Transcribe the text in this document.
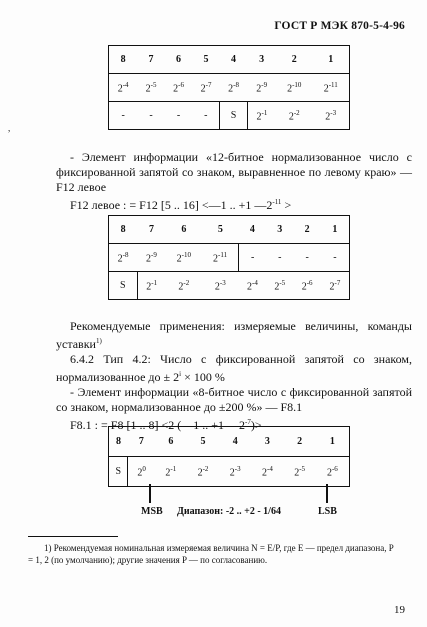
ГОСТ Р МЭК 870-5-4-96
,
8	7	6	5	4	3	2	1
$2^{-4}$	$2^{-5}$	$2^{-6}$	$2^{-7}$	$2^{-8}$	$2^{-9}$	$2^{-10}$	$2^{-11}$
-	-	-	-	S	$2^{-1}$	$2^{-2}$	$2^{-3}$
- Элемент информации «12-битное нормализованное число с фиксированной запятой со знаком, выравненное по левому краю» — F12 левое
F12 левое : = F12 [5 .. 16] <—1 .. +1 $—2^{-11}$ >
8	7	6	5	4	3	2	1
$2^{-8}$	$2^{-9}$	$2^{-10}$	$2^{-11}$	-	-	-	-
S	$2^{-1}$	$2^{-2}$	$2^{-3}$	$2^{-4}$	$2^{-5}$	$2^{-6}$	$2^{-7}$
Рекомендуемые применения: измеряемые величины, команды уставки$^{1)}$
6.4.2 Тип 4.2: Число с фиксированной запятой со знаком, нормализованное до ± $2^i \times 100$ %
- Элемент информации «8-битное число с фиксированной запятой со знаком, нормализованное до ±200 %» — F8.1
F8.1 : = F8 [1 .. 8] <2 (—1 .. +1 $—2^{-7})>$
8	7	6	5	4	3	2	1
S	$2^0$	$2^{-1}$	$2^{-2}$	$2^{-3}$	$2^{-4}$	$2^{-5}$	$2^{-6}$
MSB Диапазон: -2 .. +2 - 1/64	LSB
1) Рекомендуемая номинальная измеряемая величина N = E/P, где E — предел диапазона, P = 1, 2 (по умолчанию); другие значения P — по согласованию.
19
